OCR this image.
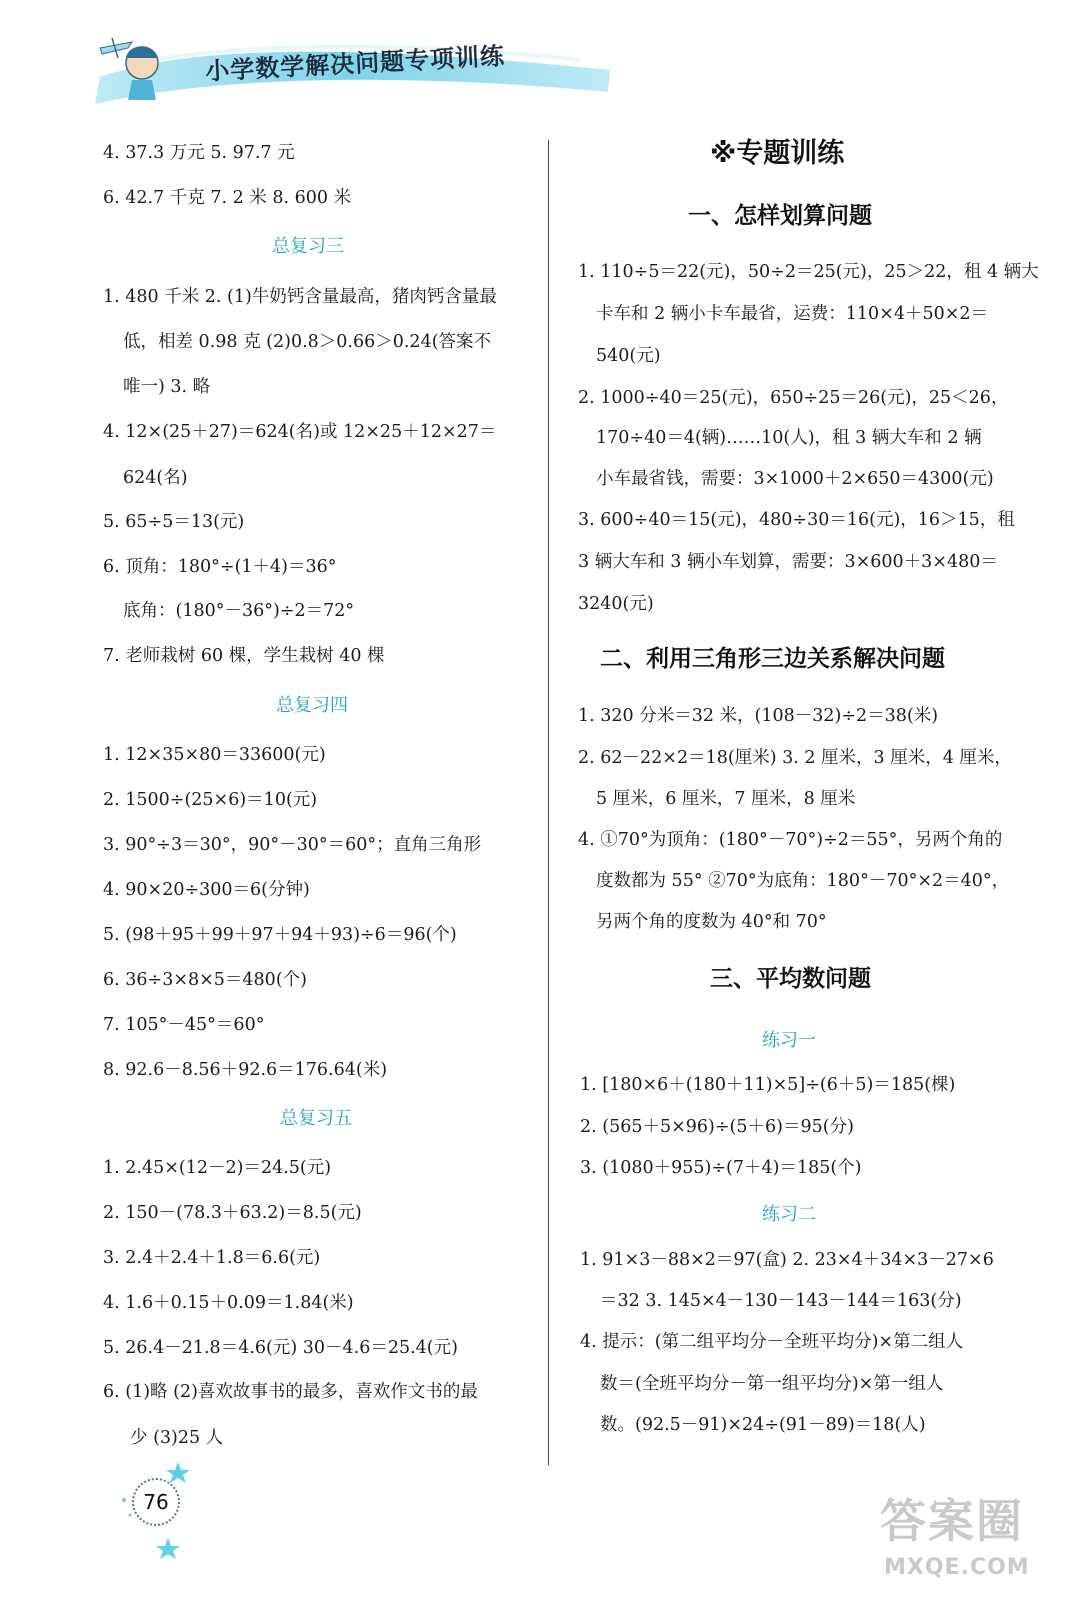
小学数学解决问题专项训练
4. 37.3 万元 5. 97.7 元
6. 42.7 千克 7. 2 米 8. 600 米
总复习三
1. 480 千米 2. (1)牛奶钙含量最高，猪肉钙含量最
低，相差 0.98 克 (2)0.8＞0.66＞0.24(答案不
唯一) 3. 略
4. 12×(25＋27)＝624(名)或 12×25＋12×27＝
624(名)
5. 65÷5＝13(元)
6. 顶角：180°÷(1＋4)＝36°
底角：(180°－36°)÷2＝72°
7. 老师栽树 60 棵，学生栽树 40 棵
总复习四
1. 12×35×80＝33600(元)
2. 1500÷(25×6)＝10(元)
3. 90°÷3＝30°，90°－30°＝60°；直角三角形
4. 90×20÷300＝6(分钟)
5. (98＋95＋99＋97＋94＋93)÷6＝96(个)
6. 36÷3×8×5＝480(个)
7. 105°－45°＝60°
8. 92.6－8.56＋92.6＝176.64(米)
总复习五
1. 2.45×(12－2)＝24.5(元)
2. 150－(78.3＋63.2)＝8.5(元)
3. 2.4＋2.4＋1.8＝6.6(元)
4. 1.6＋0.15＋0.09＝1.84(米)
5. 26.4－21.8＝4.6(元) 30－4.6＝25.4(元)
6. (1)略 (2)喜欢故事书的最多，喜欢作文书的最
少 (3)25 人
※专题训练
一、怎样划算问题
1. 110÷5＝22(元)，50÷2＝25(元)，25＞22，租 4 辆大
卡车和 2 辆小卡车最省，运费：110×4＋50×2＝
540(元)
2. 1000÷40＝25(元)，650÷25＝26(元)，25＜26，
170÷40＝4(辆)……10(人)，租 3 辆大车和 2 辆
小车最省钱，需要：3×1000＋2×650＝4300(元)
3. 600÷40＝15(元)，480÷30＝16(元)，16＞15，租
3 辆大车和 3 辆小车划算，需要：3×600＋3×480＝
3240(元)
二、利用三角形三边关系解决问题
1. 320 分米＝32 米，(108－32)÷2＝38(米)
2. 62－22×2＝18(厘米) 3. 2 厘米，3 厘米，4 厘米，
5 厘米，6 厘米，7 厘米，8 厘米
4. ①70°为顶角：(180°－70°)÷2＝55°，另两个角的
度数都为 55° ②70°为底角：180°－70°×2＝40°，
另两个角的度数为 40°和 70°
三、平均数问题
练习一
1. [180×6＋(180＋11)×5]÷(6＋5)＝185(棵)
2. (565＋5×96)÷(5＋6)＝95(分)
3. (1080＋955)÷(7＋4)＝185(个)
练习二
1. 91×3－88×2＝97(盒) 2. 23×4＋34×3－27×6
＝32 3. 145×4－130－143－144＝163(分)
4. 提示：(第二组平均分－全班平均分)×第二组人
数＝(全班平均分－第一组平均分)×第一组人
数。(92.5－91)×24÷(91－89)＝18(人)
76	答案圈
MXQE.COM
